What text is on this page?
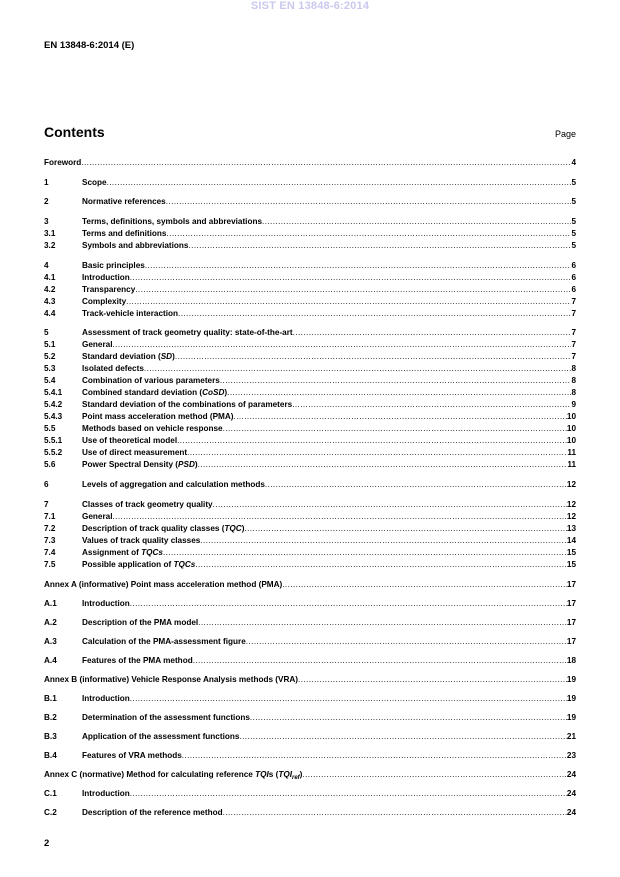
SIST EN 13848-6:2014
EN 13848-6:2014 (E)
Contents	Page
Foreword .....	4
1	Scope .....	5
2	Normative references .....	5
3	Terms, definitions, symbols and abbreviations .....	5
3.1	Terms and definitions .....	5
3.2	Symbols and abbreviations .....	5
4	Basic principles .....	6
4.1	Introduction .....	6
4.2	Transparency .....	6
4.3	Complexity .....	7
4.4	Track-vehicle interaction .....	7
5	Assessment of track geometry quality: state-of-the-art .....	7
5.1	General .....	7
5.2	Standard deviation (SD) .....	7
5.3	Isolated defects .....	8
5.4	Combination of various parameters .....	8
5.4.1	Combined standard deviation (CoSD) .....	8
5.4.2	Standard deviation of the combinations of parameters .....	9
5.4.3	Point mass acceleration method (PMA) .....	10
5.5	Methods based on vehicle response .....	10
5.5.1	Use of theoretical model .....	10
5.5.2	Use of direct measurement .....	11
5.6	Power Spectral Density (PSD) .....	11
6	Levels of aggregation and calculation methods .....	12
7	Classes of track geometry quality .....	12
7.1	General .....	12
7.2	Description of track quality classes (TQC) .....	13
7.3	Values of track quality classes .....	14
7.4	Assignment of TQCs .....	15
7.5	Possible application of TQCs .....	15
Annex A (informative) Point mass acceleration method (PMA) .....	17
A.1	Introduction .....	17
A.2	Description of the PMA model .....	17
A.3	Calculation of the PMA-assessment figure .....	17
A.4	Features of the PMA method .....	18
Annex B (informative) Vehicle Response Analysis methods (VRA) .....	19
B.1	Introduction .....	19
B.2	Determination of the assessment functions .....	19
B.3	Application of the assessment functions .....	21
B.4	Features of VRA methods .....	23
Annex C (normative) Method for calculating reference TQIs $(TQI_{ref})$ .....	24
C.1	Introduction .....	24
C.2	Description of the reference method .....	24
2
